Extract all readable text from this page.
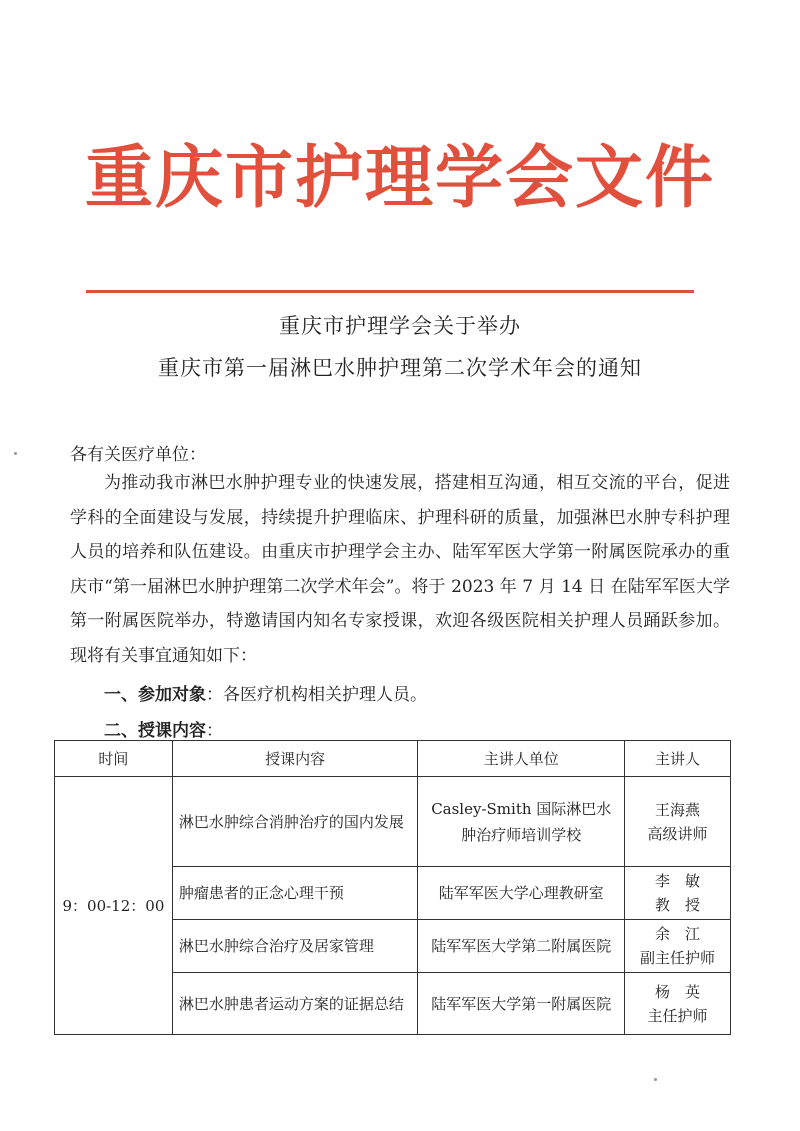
重庆市护理学会文件
重庆市护理学会关于举办
重庆市第一届淋巴水肿护理第二次学术年会的通知
各有关医疗单位：
为推动我市淋巴水肿护理专业的快速发展，搭建相互沟通，相互交流的平台，促进学科的全面建设与发展，持续提升护理临床、护理科研的质量，加强淋巴水肿专科护理人员的培养和队伍建设。由重庆市护理学会主办、陆军军医大学第一附属医院承办的重庆市“第一届淋巴水肿护理第二次学术年会”。将于 2023 年 7 月 14 日 在陆军军医大学第一附属医院举办，特邀请国内知名专家授课，欢迎各级医院相关护理人员踊跃参加。现将有关事宜通知如下：
一、参加对象：各医疗机构相关护理人员。
二、授课内容：
时间	授课内容	主讲人单位	主讲人
9：00-12：00	淋巴水肿综合消肿治疗的国内发展	Casley-Smith 国际淋巴水肿治疗师培训学校	王海燕
高级讲师

	肿瘤患者的正念心理干预	陆军军医大学心理教研室	李　敏
教　授

	淋巴水肿综合治疗及居家管理	陆军军医大学第二附属医院	余　江
副主任护师

	淋巴水肿患者运动方案的证据总结	陆军军医大学第一附属医院	杨　英
主任护师
